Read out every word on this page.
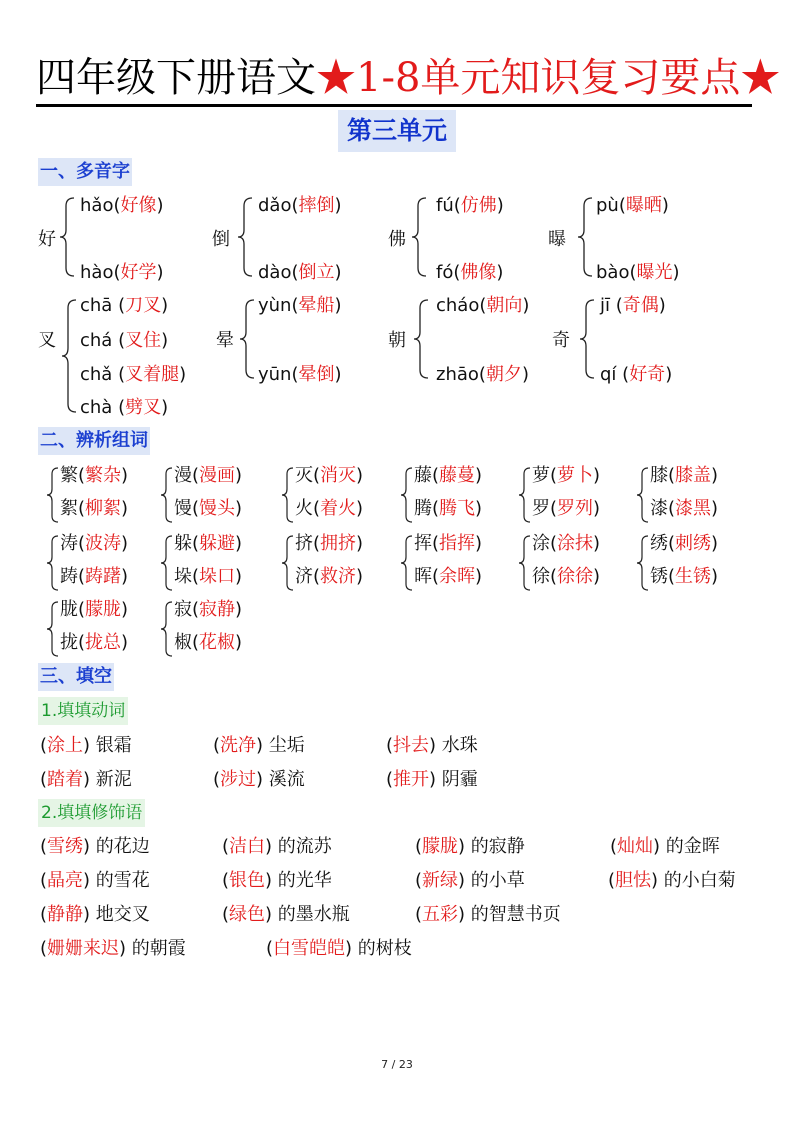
四年级下册语文★1-8单元知识复习要点★
第三单元
一、多音字
好
hǎo(好像)
hào(好学)
倒
dǎo(摔倒)
dào(倒立)
佛
fú(仿佛)
fó(佛像)
曝
pù(曝晒)
bào(曝光)
叉
chā (刀叉)
chá (叉住)
chǎ (叉着腿)
chà (劈叉)
晕
yùn(晕船)
yūn(晕倒)
朝
cháo(朝向)
zhāo(朝夕)
奇
jī (奇偶)
qí (好奇)
二、辨析组词
繁(繁杂)
絮(柳絮)
漫(漫画)
馒(馒头)
灭(消灭)
火(着火)
藤(藤蔓)
腾(腾飞)
萝(萝卜)
罗(罗列)
膝(膝盖)
漆(漆黑)
涛(波涛)
踌(踌躇)
躲(躲避)
垛(垛口)
挤(拥挤)
济(救济)
挥(指挥)
晖(余晖)
涂(涂抹)
徐(徐徐)
绣(刺绣)
锈(生锈)
胧(朦胧)
拢(拢总)
寂(寂静)
椒(花椒)
三、填空
1.填填动词
(涂上) 银霜	(洗净) 尘垢	(抖去) 水珠
(踏着) 新泥	(涉过) 溪流	(推开) 阴霾
2.填填修饰语
(雪绣) 的花边	(洁白) 的流苏	(朦胧) 的寂静	(灿灿) 的金晖
(晶亮) 的雪花	(银色) 的光华	(新绿) 的小草	(胆怯) 的小白菊
(静静) 地交叉	(绿色) 的墨水瓶	(五彩) 的智慧书页
(姗姗来迟) 的朝霞	(白雪皑皑) 的树枝
7 / 23
